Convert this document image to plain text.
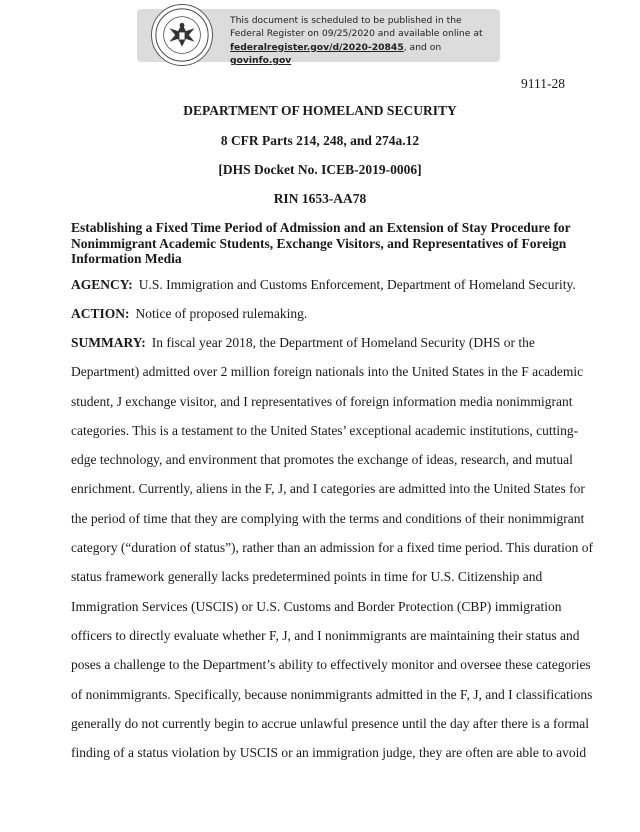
This document is scheduled to be published in the
Federal Register on 09/25/2020 and available online at
federalregister.gov/d/2020-20845, and on govinfo.gov
9111-28
DEPARTMENT OF HOMELAND SECURITY
8 CFR Parts 214, 248, and 274a.12
[DHS Docket No. ICEB-2019-0006]
RIN 1653-AA78
Establishing a Fixed Time Period of Admission and an Extension of Stay Procedure for Nonimmigrant Academic Students, Exchange Visitors, and Representatives of Foreign Information Media
AGENCY: U.S. Immigration and Customs Enforcement, Department of Homeland Security.
ACTION: Notice of proposed rulemaking.
SUMMARY: In fiscal year 2018, the Department of Homeland Security (DHS or the
Department) admitted over 2 million foreign nationals into the United States in the F academic
student, J exchange visitor, and I representatives of foreign information media nonimmigrant
categories. This is a testament to the United States’ exceptional academic institutions, cutting-
edge technology, and environment that promotes the exchange of ideas, research, and mutual
enrichment. Currently, aliens in the F, J, and I categories are admitted into the United States for
the period of time that they are complying with the terms and conditions of their nonimmigrant
category (“duration of status”), rather than an admission for a fixed time period. This duration of
status framework generally lacks predetermined points in time for U.S. Citizenship and
Immigration Services (USCIS) or U.S. Customs and Border Protection (CBP) immigration
officers to directly evaluate whether F, J, and I nonimmigrants are maintaining their status and
poses a challenge to the Department’s ability to effectively monitor and oversee these categories
of nonimmigrants. Specifically, because nonimmigrants admitted in the F, J, and I classifications
generally do not currently begin to accrue unlawful presence until the day after there is a formal
finding of a status violation by USCIS or an immigration judge, they are often are able to avoid
